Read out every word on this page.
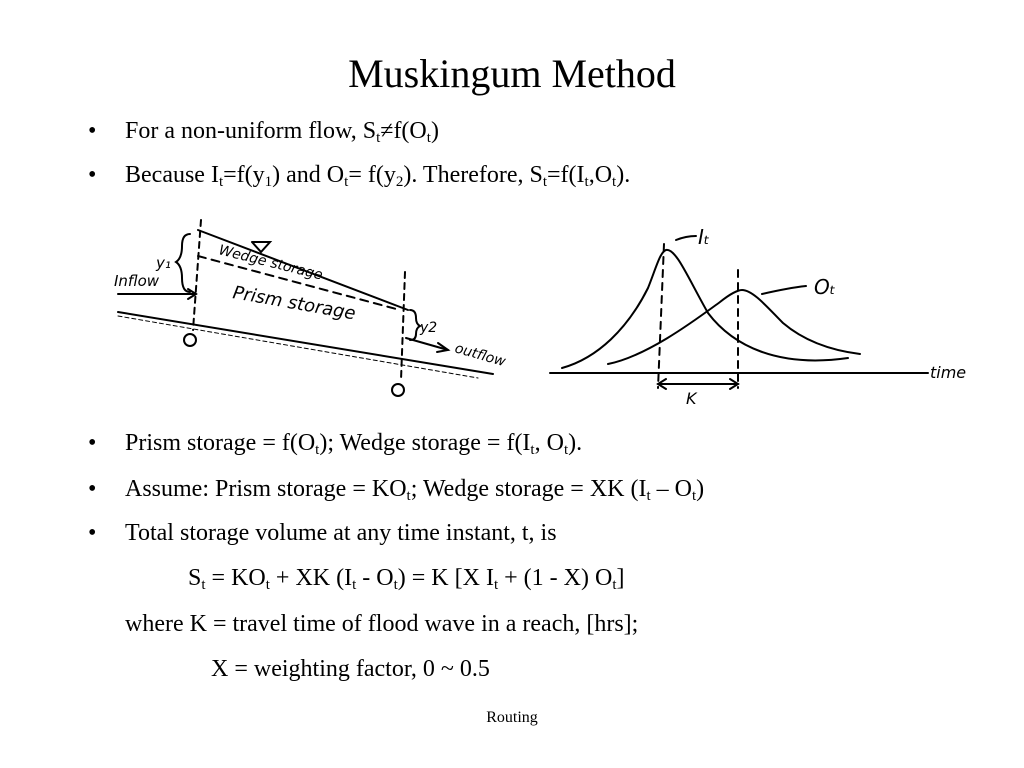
Muskingum Method
• For a non-uniform flow, $S_t\ne f(O_t)$
• Because $I_t=f(y_1)$ and $O_t= f(y_2)$. Therefore, $S_t=f(I_t,O_t)$.
y₁	Wedge storage
Inflow
Prism storage
y2
outflow
Iₜ
Oₜ
K
time
• Prism storage = $f(O_t)$; Wedge storage = $f(I_t$, $O_t$).
• Assume: Prism storage = $KO_t$; Wedge storage = XK $(I_t - O_t)$
• Total storage volume at any time instant, t, is
$S_t = KO_t$ + XK $(I_t - O_t) = K$ [X $I_t + (1 - X)$ $O_t$]
where K = travel time of flood wave in a reach, [hrs];
X = weighting factor, 0 ~ 0.5
Routing
